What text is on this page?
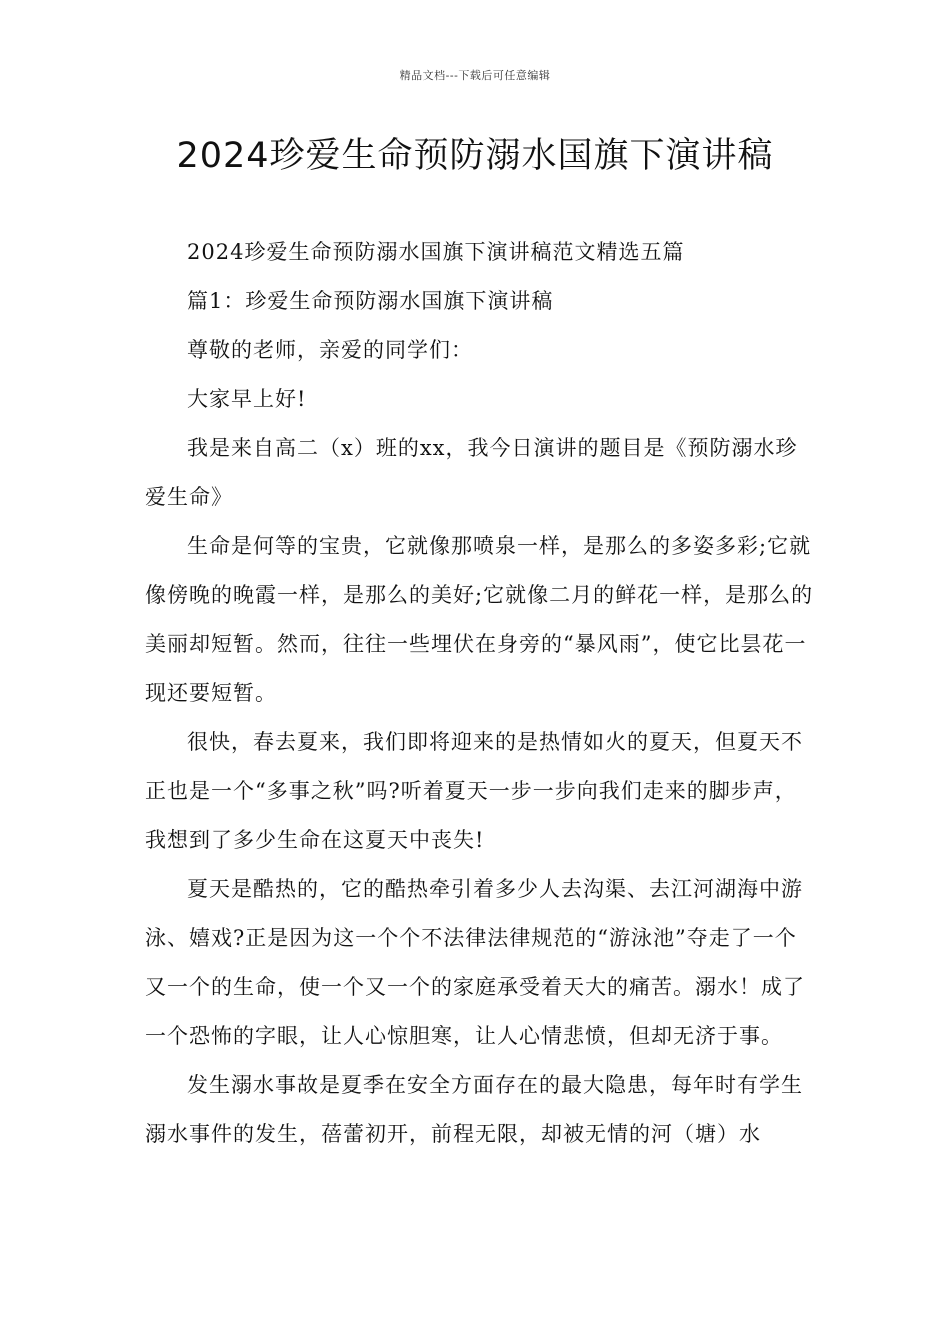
精品文档---下载后可任意编辑
2024珍爱生命预防溺水国旗下演讲稿

2024珍爱生命预防溺水国旗下演讲稿范文精选五篇

篇1：珍爱生命预防溺水国旗下演讲稿

尊敬的老师，亲爱的同学们：

大家早上好!

我是来自高二（x）班的xx，我今日演讲的题目是《预防溺水珍爱生命》

生命是何等的宝贵，它就像那喷泉一样，是那么的多姿多彩;它就像傍晚的晚霞一样，是那么的美好;它就像二月的鲜花一样，是那么的美丽却短暂。然而，往往一些埋伏在身旁的“暴风雨”，使它比昙花一现还要短暂。

很快，春去夏来，我们即将迎来的是热情如火的夏天，但夏天不正也是一个“多事之秋”吗?听着夏天一步一步向我们走来的脚步声，我想到了多少生命在这夏天中丧失!

夏天是酷热的，它的酷热牵引着多少人去沟渠、去江河湖海中游泳、嬉戏?正是因为这一个个不法律法律规范的“游泳池”夺走了一个又一个的生命，使一个又一个的家庭承受着天大的痛苦。溺水！成了一个恐怖的字眼，让人心惊胆寒，让人心情悲愤，但却无济于事。

发生溺水事故是夏季在安全方面存在的最大隐患，每年时有学生溺水事件的发生，蓓蕾初开，前程无限，却被无情的河（塘）水
